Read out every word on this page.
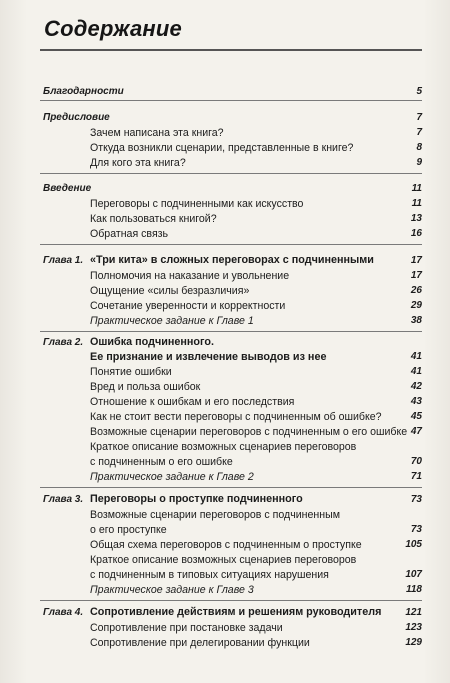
Содержание
Благодарности	5
Предисловие	7
Зачем написана эта книга?	7
Откуда возникли сценарии, представленные в книге?	8
Для кого эта книга?	9
Введение	11
Переговоры с подчиненными как искусство	11
Как пользоваться книгой?	13
Обратная связь	16
Глава 1. «Три кита» в сложных переговорах с подчиненными	17
Полномочия на наказание и увольнение	17
Ощущение «силы безразличия»	26
Сочетание уверенности и корректности	29
Практическое задание к Главе 1	38
Глава 2. Ошибка подчиненного.
Ее признание и извлечение выводов из нее	41
Понятие ошибки	41
Вред и польза ошибок	42
Отношение к ошибкам и его последствия	43
Как не стоит вести переговоры с подчиненным об ошибке?	45
Возможные сценарии переговоров с подчиненным о его ошибке 47
Краткое описание возможных сценариев переговоров
с подчиненным о его ошибке	70
Практическое задание к Главе 2	71
Глава 3. Переговоры о проступке подчиненного	73
Возможные сценарии переговоров с подчиненным
о его проступке	73
Общая схема переговоров с подчиненным о проступке	105
Краткое описание возможных сценариев переговоров
с подчиненным в типовых ситуациях нарушения	107
Практическое задание к Главе 3	118
Глава 4. Сопротивление действиям и решениям руководителя 121
Сопротивление при постановке задачи	123
Сопротивление при делегировании функции	129
